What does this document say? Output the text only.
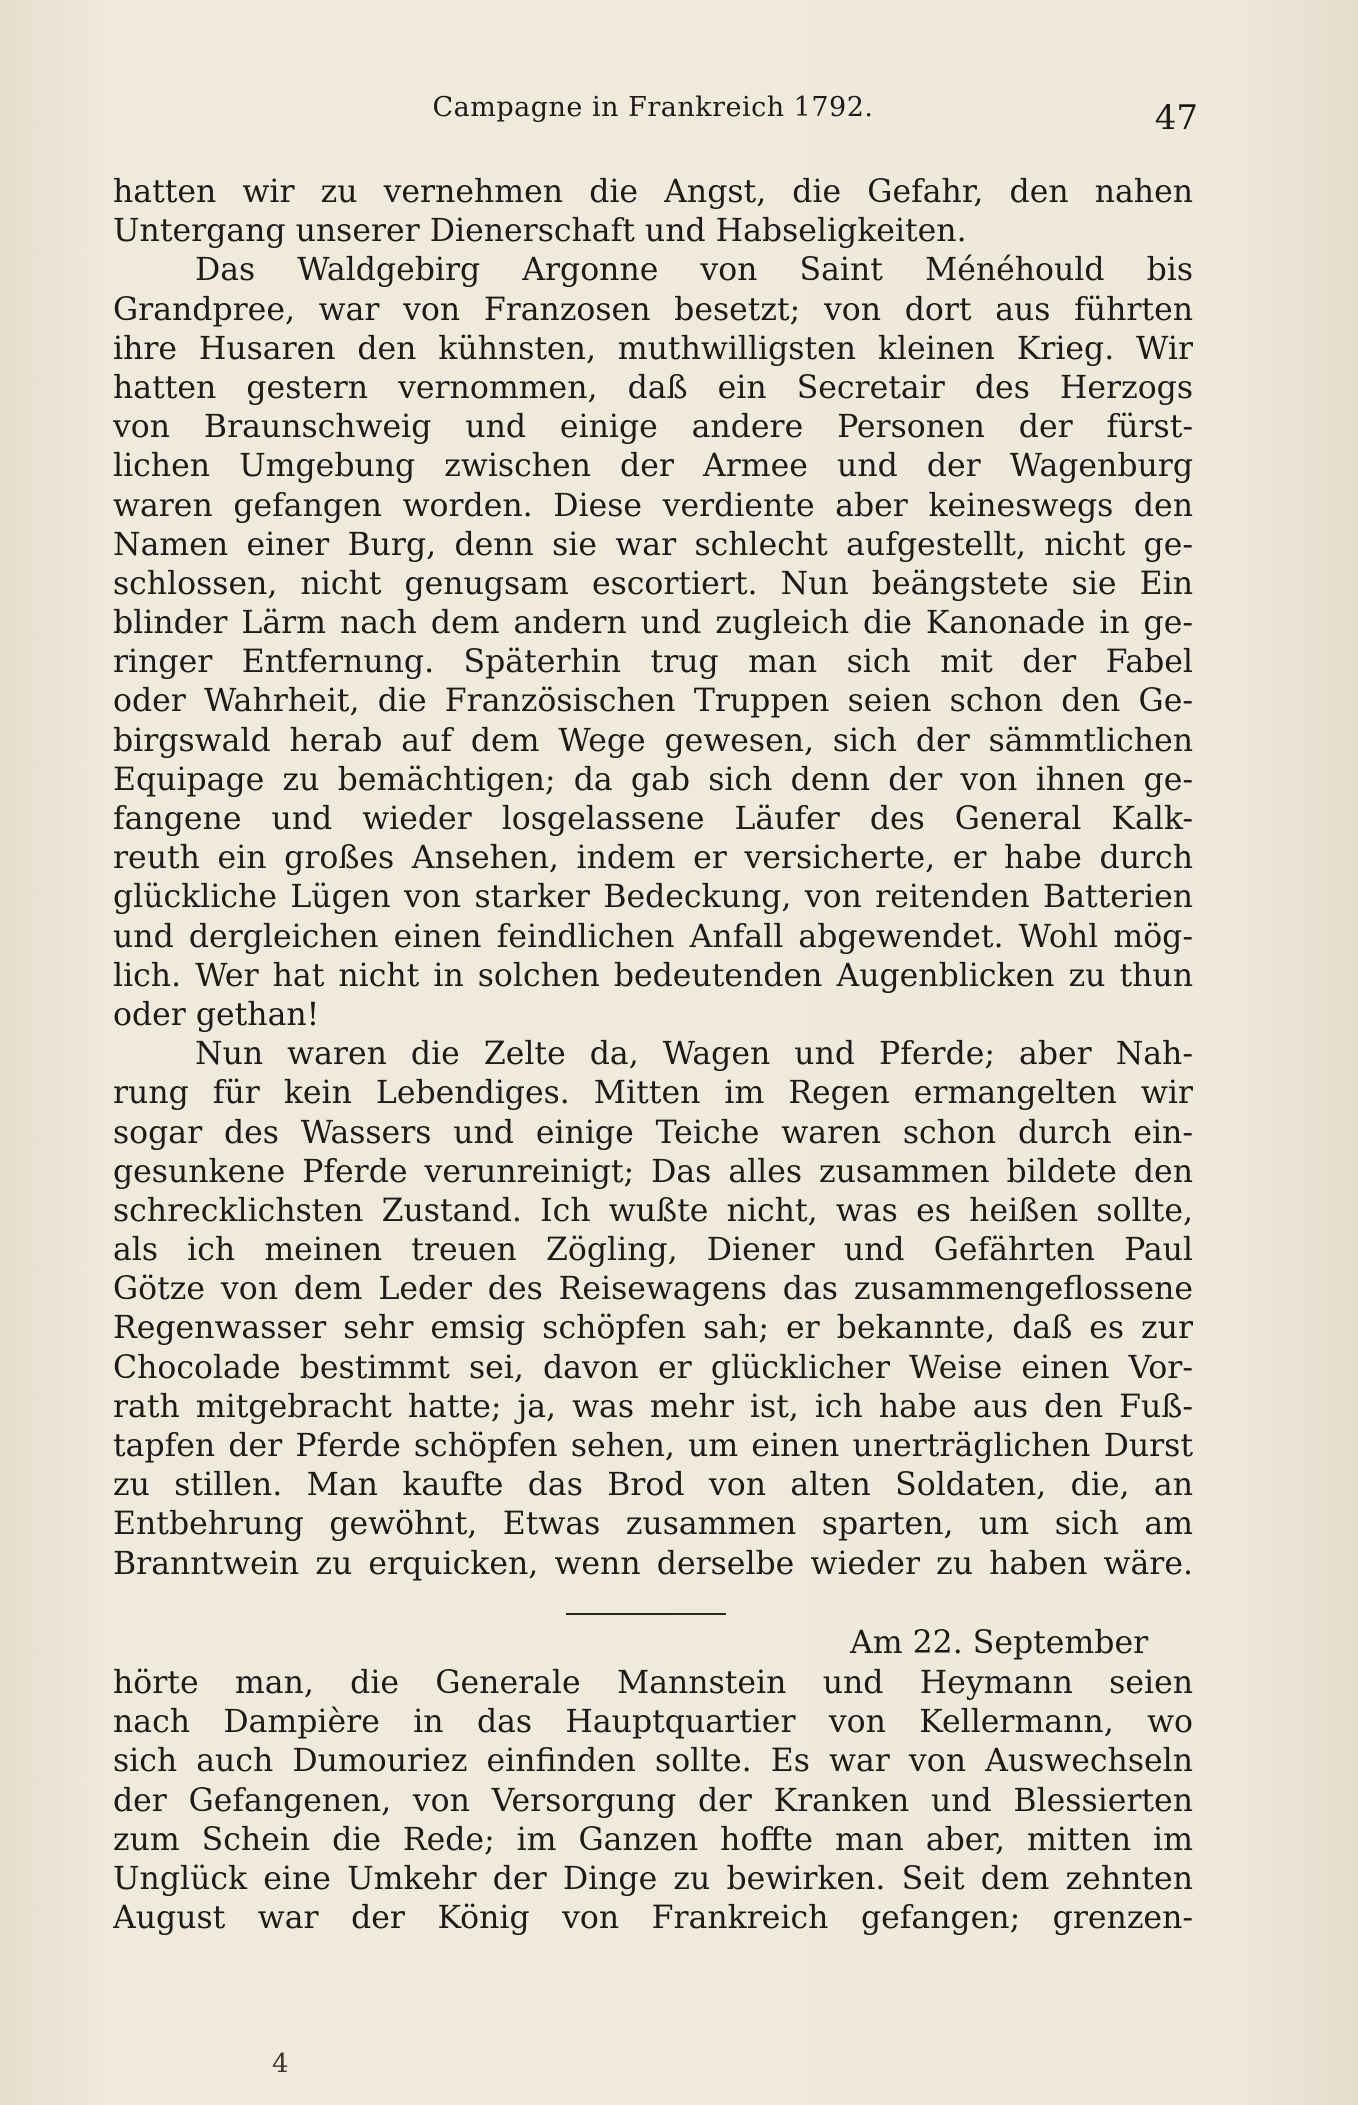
Campagne in Frankreich 1792.	47
hatten wir zu vernehmen die Angst, die Gefahr, den nahen
Untergang unserer Dienerschaft und Habseligkeiten.
Das Waldgebirg Argonne von Saint Ménéhould bis
Grandpree, war von Franzosen besetzt; von dort aus führten
ihre Husaren den kühnsten, muthwilligsten kleinen Krieg. Wir
hatten gestern vernommen, daß ein Secretair des Herzogs
von Braunschweig und einige andere Personen der fürst-
lichen Umgebung zwischen der Armee und der Wagenburg
waren gefangen worden. Diese verdiente aber keineswegs den
Namen einer Burg, denn sie war schlecht aufgestellt, nicht ge-
schlossen, nicht genugsam escortiert. Nun beängstete sie Ein
blinder Lärm nach dem andern und zugleich die Kanonade in ge-
ringer Entfernung. Späterhin trug man sich mit der Fabel
oder Wahrheit, die Französischen Truppen seien schon den Ge-
birgswald herab auf dem Wege gewesen, sich der sämmtlichen
Equipage zu bemächtigen; da gab sich denn der von ihnen ge-
fangene und wieder losgelassene Läufer des General Kalk-
reuth ein großes Ansehen, indem er versicherte, er habe durch
glückliche Lügen von starker Bedeckung, von reitenden Batterien
und dergleichen einen feindlichen Anfall abgewendet. Wohl mög-
lich. Wer hat nicht in solchen bedeutenden Augenblicken zu thun
oder gethan!
Nun waren die Zelte da, Wagen und Pferde; aber Nah-
rung für kein Lebendiges. Mitten im Regen ermangelten wir
sogar des Wassers und einige Teiche waren schon durch ein-
gesunkene Pferde verunreinigt; Das alles zusammen bildete den
schrecklichsten Zustand. Ich wußte nicht, was es heißen sollte,
als ich meinen treuen Zögling, Diener und Gefährten Paul
Götze von dem Leder des Reisewagens das zusammengeflossene
Regenwasser sehr emsig schöpfen sah; er bekannte, daß es zur
Chocolade bestimmt sei, davon er glücklicher Weise einen Vor-
rath mitgebracht hatte; ja, was mehr ist, ich habe aus den Fuß-
tapfen der Pferde schöpfen sehen, um einen unerträglichen Durst
zu stillen. Man kaufte das Brod von alten Soldaten, die, an
Entbehrung gewöhnt, Etwas zusammen sparten, um sich am
Branntwein zu erquicken, wenn derselbe wieder zu haben wäre.
Am 22. September
hörte man, die Generale Mannstein und Heymann seien
nach Dampière in das Hauptquartier von Kellermann, wo
sich auch Dumouriez einfinden sollte. Es war von Auswechseln
der Gefangenen, von Versorgung der Kranken und Blessierten
zum Schein die Rede; im Ganzen hoffte man aber, mitten im
Unglück eine Umkehr der Dinge zu bewirken. Seit dem zehnten
August war der König von Frankreich gefangen; grenzen-
4
